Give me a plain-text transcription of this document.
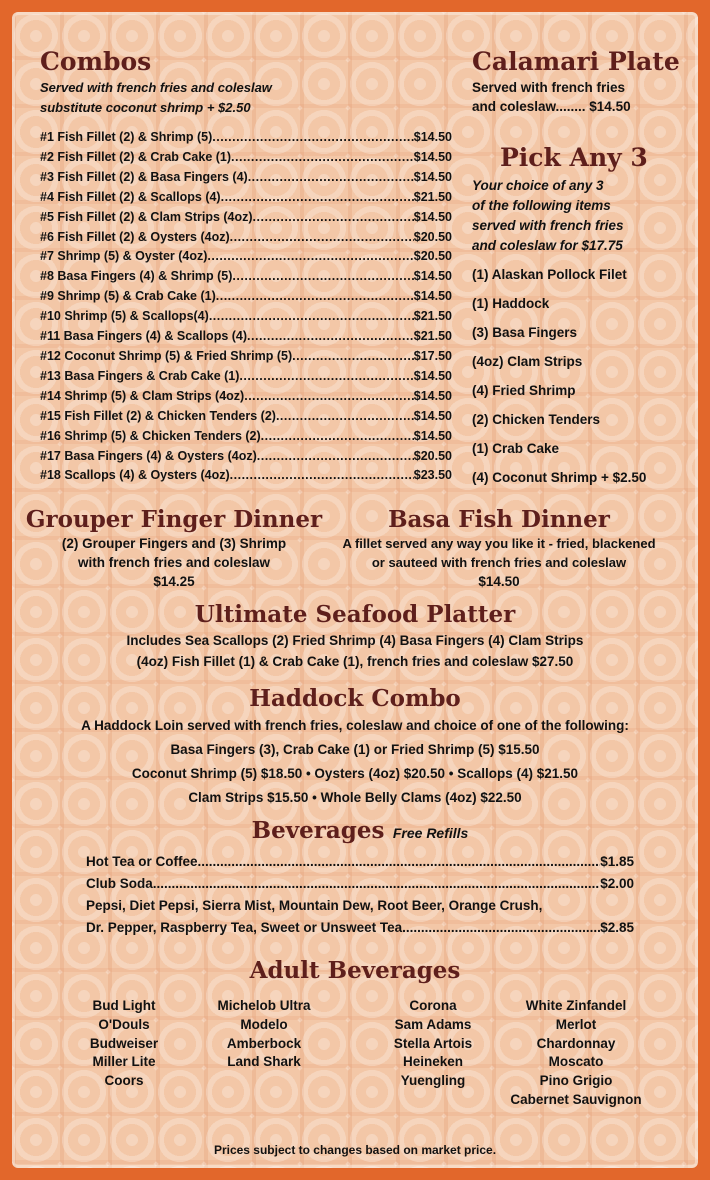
Combos
Served with french fries and coleslaw
substitute coconut shrimp + $2.50
#1 Fish Fillet (2) & Shrimp (5) .....	$14.50
#2 Fish Fillet (2) & Crab Cake (1) .....	$14.50
#3 Fish Fillet (2) & Basa Fingers (4) .....	$14.50
#4 Fish Fillet (2) & Scallops (4) .....	$21.50
#5 Fish Fillet (2) & Clam Strips (4oz) .....	$14.50
#6 Fish Fillet (2) & Oysters (4oz) .....	$20.50
#7 Shrimp (5) & Oyster (4oz) .....	$20.50
#8 Basa Fingers (4) & Shrimp (5) .....	$14.50
#9 Shrimp (5) & Crab Cake (1) .....	$14.50
#10 Shrimp (5) & Scallops(4) .....	$21.50
#11 Basa Fingers (4) & Scallops (4) .....	$21.50
#12 Coconut Shrimp (5) & Fried Shrimp (5) .....	$17.50
#13 Basa Fingers & Crab Cake (1) .....	$14.50
#14 Shrimp (5) & Clam Strips (4oz) .....	$14.50
#15 Fish Fillet (2) & Chicken Tenders (2) .....	$14.50
#16 Shrimp (5) & Chicken Tenders (2) .....	$14.50
#17 Basa Fingers (4) & Oysters (4oz) .....	$20.50
#18 Scallops (4) & Oysters (4oz) .....	$23.50
Calamari Plate
Served with french fries
and coleslaw........ $14.50
Pick Any 3
Your choice of any 3
of the following items
served with french fries
and coleslaw for $17.75
(1) Alaskan Pollock Filet
(1) Haddock
(3) Basa Fingers
(4oz) Clam Strips
(4) Fried Shrimp
(2) Chicken Tenders
(1) Crab Cake
(4) Coconut Shrimp + $2.50
Grouper Finger Dinner
(2) Grouper Fingers and (3) Shrimp
with french fries and coleslaw
$14.25
Basa Fish Dinner
A fillet served any way you like it - fried, blackened
or sauteed with french fries and coleslaw
$14.50
Ultimate Seafood Platter
Includes Sea Scallops (2) Fried Shrimp (4) Basa Fingers (4) Clam Strips
(4oz) Fish Fillet (1) & Crab Cake (1), french fries and coleslaw $27.50
Haddock Combo
A Haddock Loin served with french fries, coleslaw and choice of one of the following:
Basa Fingers (3), Crab Cake (1) or Fried Shrimp (5) $15.50
Coconut Shrimp (5) $18.50 • Oysters (4oz) $20.50 • Scallops (4) $21.50
Clam Strips $15.50 • Whole Belly Clams (4oz) $22.50
Beverages Free Refills
Hot Tea or Coffee .....	$1.85
Club Soda .....	$2.00
Pepsi, Diet Pepsi, Sierra Mist, Mountain Dew, Root Beer, Orange Crush,
Dr. Pepper, Raspberry Tea, Sweet or Unsweet Tea .....	$2.85
Adult Beverages
Bud Light
O'Douls
Budweiser
Miller Lite
Coors
Michelob Ultra
Modelo
Amberbock
Land Shark
Corona
Sam Adams
Stella Artois
Heineken
Yuengling
White Zinfandel
Merlot
Chardonnay
Moscato
Pino Grigio
Cabernet Sauvignon
Prices subject to changes based on market price.
